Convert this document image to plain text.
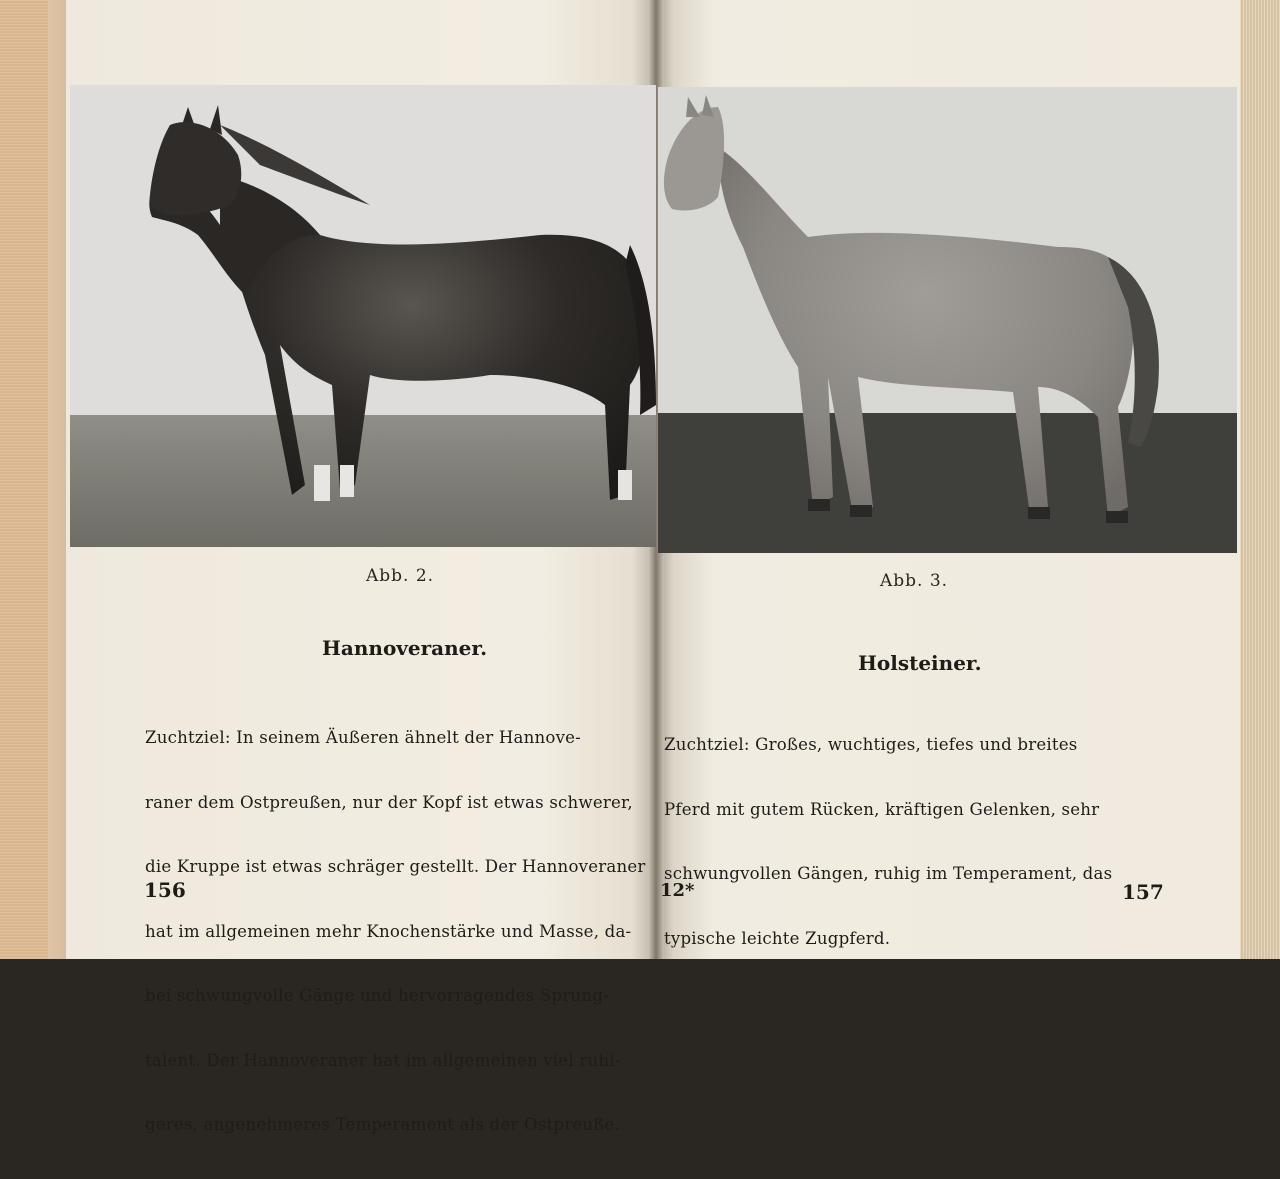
Abb. 2.	Abb. 3.
Hannoveraner.
Holsteiner.

Zuchtziel: In seinem Äußeren ähnelt der Hannove-

raner dem Ostpreußen, nur der Kopf ist etwas schwerer,

die Kruppe ist etwas schräger gestellt. Der Hannoveraner

hat im allgemeinen mehr Knochenstärke und Masse, da-

bei schwungvolle Gänge und hervorragendes Sprung-

talent. Der Hannoveraner hat im allgemeinen viel ruhi-

geres, angenehmeres Temperament als der Ostpreuße.

Zuchtziel: Großes, wuchtiges, tiefes und breites

Pferd mit gutem Rücken, kräftigen Gelenken, sehr

schwungvollen Gängen, ruhig im Temperament, das

typische leichte Zugpferd.

156	12*	157
